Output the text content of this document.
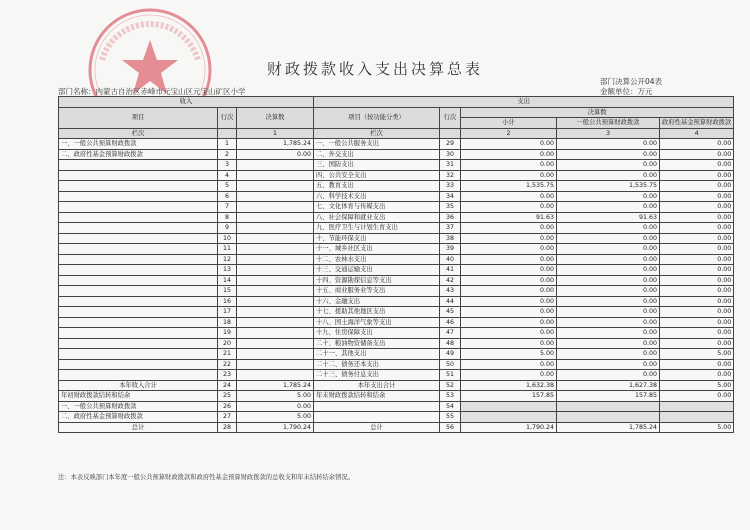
财政拨款收入支出决算总表
部门决算公开04表
部门名称：内蒙古自治区赤峰市元宝山区元宝山矿区小学	金额单位：万元
收入			支出				
项目	行次	决算数	项目（按功能分类）	行次	决算数		
					小计	一般公共预算财政拨款	政府性基金预算财政拨款
栏次		1	栏次		2	3	4
一、一般公共预算财政拨款	1	1,785.24	一、一般公共服务支出	29	0.00	0.00	0.00
二、政府性基金预算财政拨款	2	0.00	二、外交支出	30	0.00	0.00	0.00
	3		三、国防支出	31	0.00	0.00	0.00
	4		四、公共安全支出	32	0.00	0.00	0.00
	5		五、教育支出	33	1,535.75	1,535.75	0.00
	6		六、科学技术支出	34	0.00	0.00	0.00
	7		七、文化体育与传媒支出	35	0.00	0.00	0.00
	8		八、社会保障和就业支出	36	91.63	91.63	0.00
	9		九、医疗卫生与计划生育支出	37	0.00	0.00	0.00
	10		十、节能环保支出	38	0.00	0.00	0.00
	11		十一、城乡社区支出	39	0.00	0.00	0.00
	12		十二、农林水支出	40	0.00	0.00	0.00
	13		十三、交通运输支出	41	0.00	0.00	0.00
	14		十四、资源勘探信息等支出	42	0.00	0.00	0.00
	15		十五、商业服务业等支出	43	0.00	0.00	0.00
	16		十六、金融支出	44	0.00	0.00	0.00
	17		十七、援助其他地区支出	45	0.00	0.00	0.00
	18		十八、国土海洋气象等支出	46	0.00	0.00	0.00
	19		十九、住房保障支出	47	0.00	0.00	0.00
	20		二十、粮油物资储备支出	48	0.00	0.00	0.00
	21		二十一、其他支出	49	5.00	0.00	5.00
	22		二十二、债务还本支出	50	0.00	0.00	0.00
	23		二十三、债务付息支出	51	0.00	0.00	0.00
本年收入合计	24	1,785.24	本年支出合计	52	1,632.38	1,627.38	5.00
年初财政拨款结转和结余	25	5.00	年末财政拨款结转和结余	53	157.85	157.85	0.00
一、一般公共预算财政拨款	26	0.00		54			
二、政府性基金预算财政拨款	27	5.00		55			
总计	28	1,790.24	总计	56	1,790.24	1,785.24	5.00
注：本表反映部门本年度一般公共预算财政拨款和政府性基金预算财政拨款的总收支和年末结转结余情况。
